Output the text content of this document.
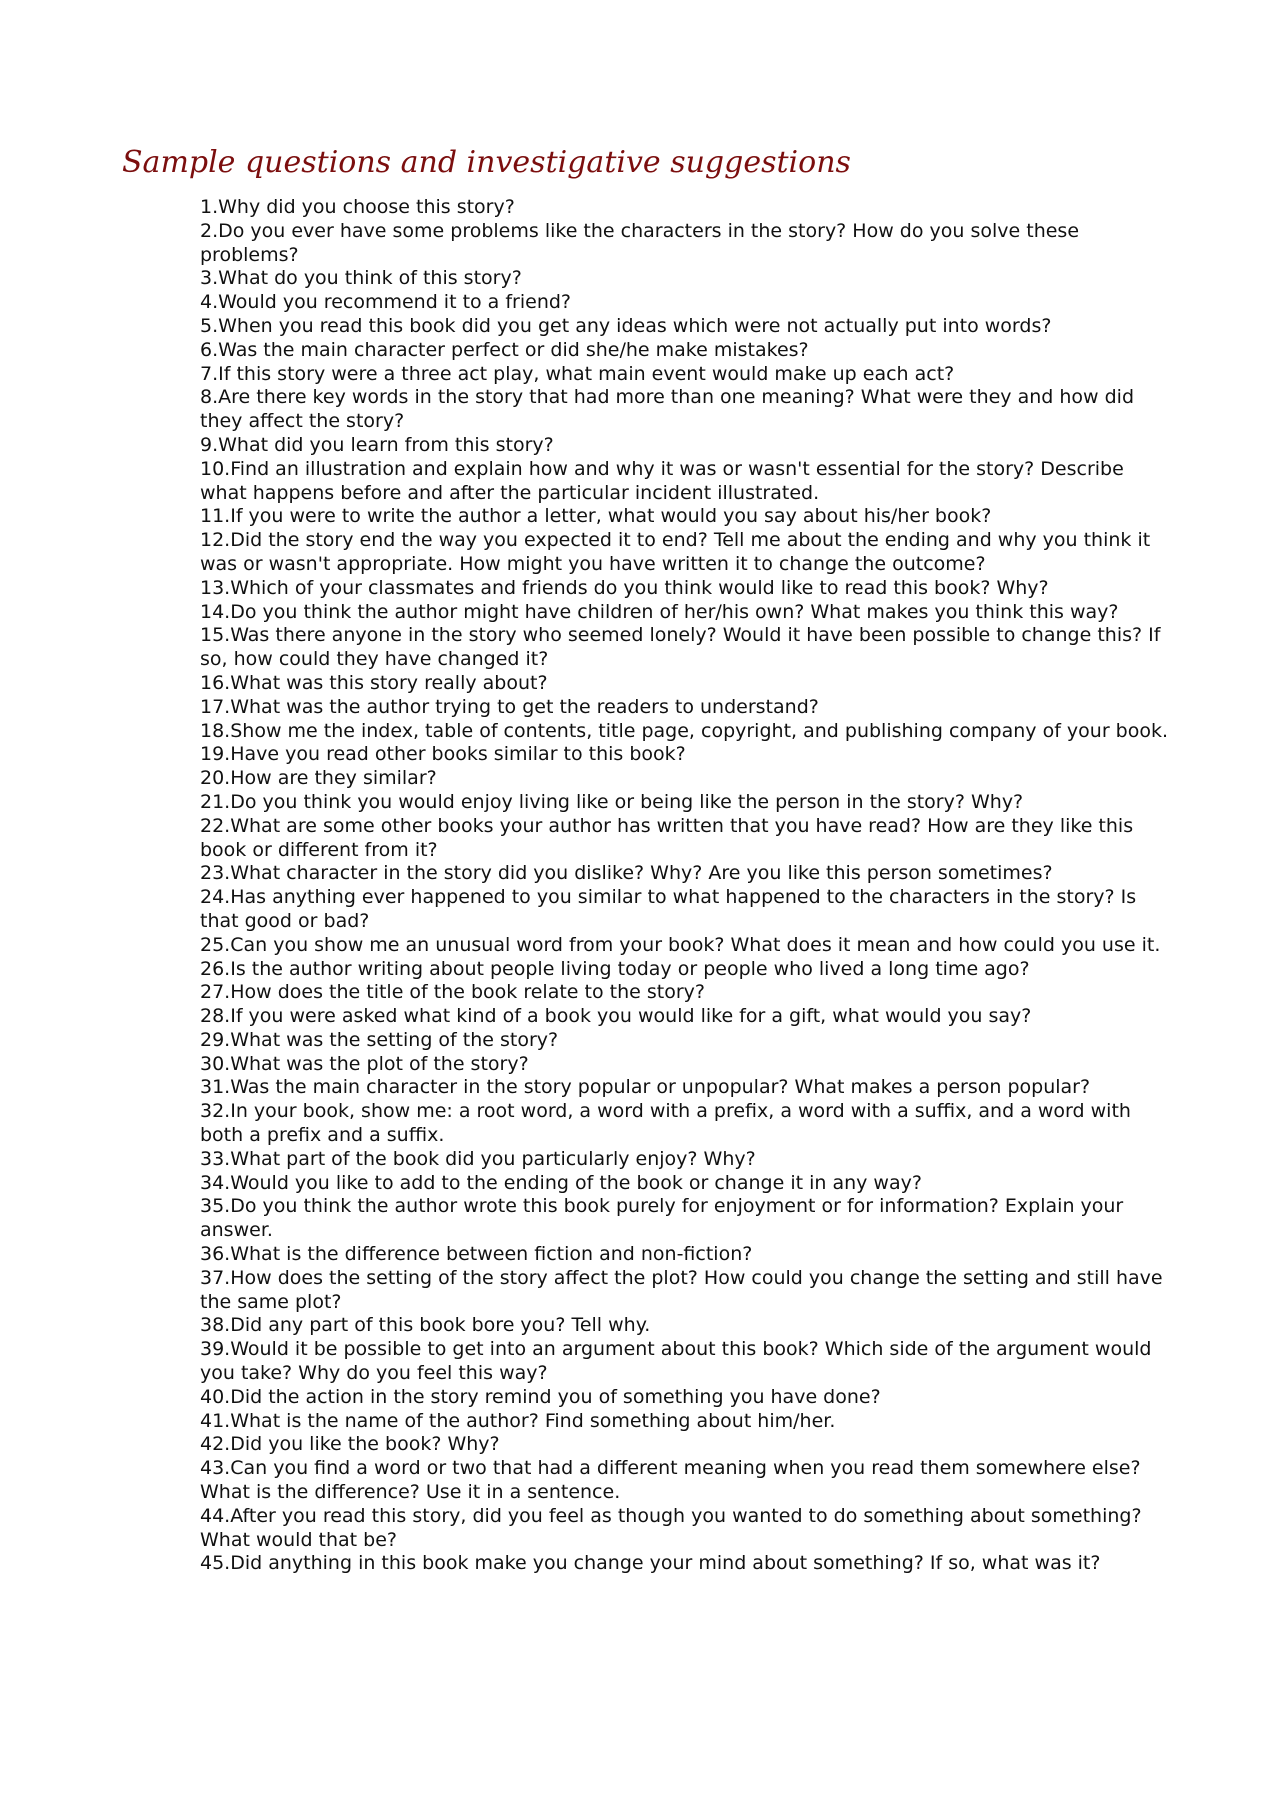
Sample questions and investigative suggestions
1.Why did you choose this story?
2.Do you ever have some problems like the characters in the story? How do you solve these problems?
3.What do you think of this story?
4.Would you recommend it to a friend?
5.When you read this book did you get any ideas which were not actually put into words?
6.Was the main character perfect or did she/he make mistakes?
7.If this story were a three act play, what main event would make up each act?
8.Are there key words in the story that had more than one meaning? What were they and how did they affect the story?
9.What did you learn from this story?
10.Find an illustration and explain how and why it was or wasn't essential for the story? Describe what happens before and after the particular incident illustrated.
11.If you were to write the author a letter, what would you say about his/her book?
12.Did the story end the way you expected it to end? Tell me about the ending and why you think it was or wasn't appropriate. How might you have written it to change the outcome?
13.Which of your classmates and friends do you think would like to read this book? Why?
14.Do you think the author might have children of her/his own? What makes you think this way?
15.Was there anyone in the story who seemed lonely? Would it have been possible to change this? If so, how could they have changed it?
16.What was this story really about?
17.What was the author trying to get the readers to understand?
18.Show me the index, table of contents, title page, copyright, and publishing company of your book.
19.Have you read other books similar to this book?
20.How are they similar?
21.Do you think you would enjoy living like or being like the person in the story? Why?
22.What are some other books your author has written that you have read? How are they like this book or different from it?
23.What character in the story did you dislike? Why? Are you like this person sometimes?
24.Has anything ever happened to you similar to what happened to the characters in the story? Is that good or bad?
25.Can you show me an unusual word from your book? What does it mean and how could you use it.
26.Is the author writing about people living today or people who lived a long time ago?
27.How does the title of the book relate to the story?
28.If you were asked what kind of a book you would like for a gift, what would you say?
29.What was the setting of the story?
30.What was the plot of the story?
31.Was the main character in the story popular or unpopular? What makes a person popular?
32.In your book, show me: a root word, a word with a prefix, a word with a suffix, and a word with both a prefix and a suffix.
33.What part of the book did you particularly enjoy? Why?
34.Would you like to add to the ending of the book or change it in any way?
35.Do you think the author wrote this book purely for enjoyment or for information? Explain your answer.
36.What is the difference between fiction and non-fiction?
37.How does the setting of the story affect the plot? How could you change the setting and still have the same plot?
38.Did any part of this book bore you? Tell why.
39.Would it be possible to get into an argument about this book? Which side of the argument would you take? Why do you feel this way?
40.Did the action in the story remind you of something you have done?
41.What is the name of the author? Find something about him/her.
42.Did you like the book? Why?
43.Can you find a word or two that had a different meaning when you read them somewhere else? What is the difference? Use it in a sentence.
44.After you read this story, did you feel as though you wanted to do something about something? What would that be?
45.Did anything in this book make you change your mind about something? If so, what was it?
